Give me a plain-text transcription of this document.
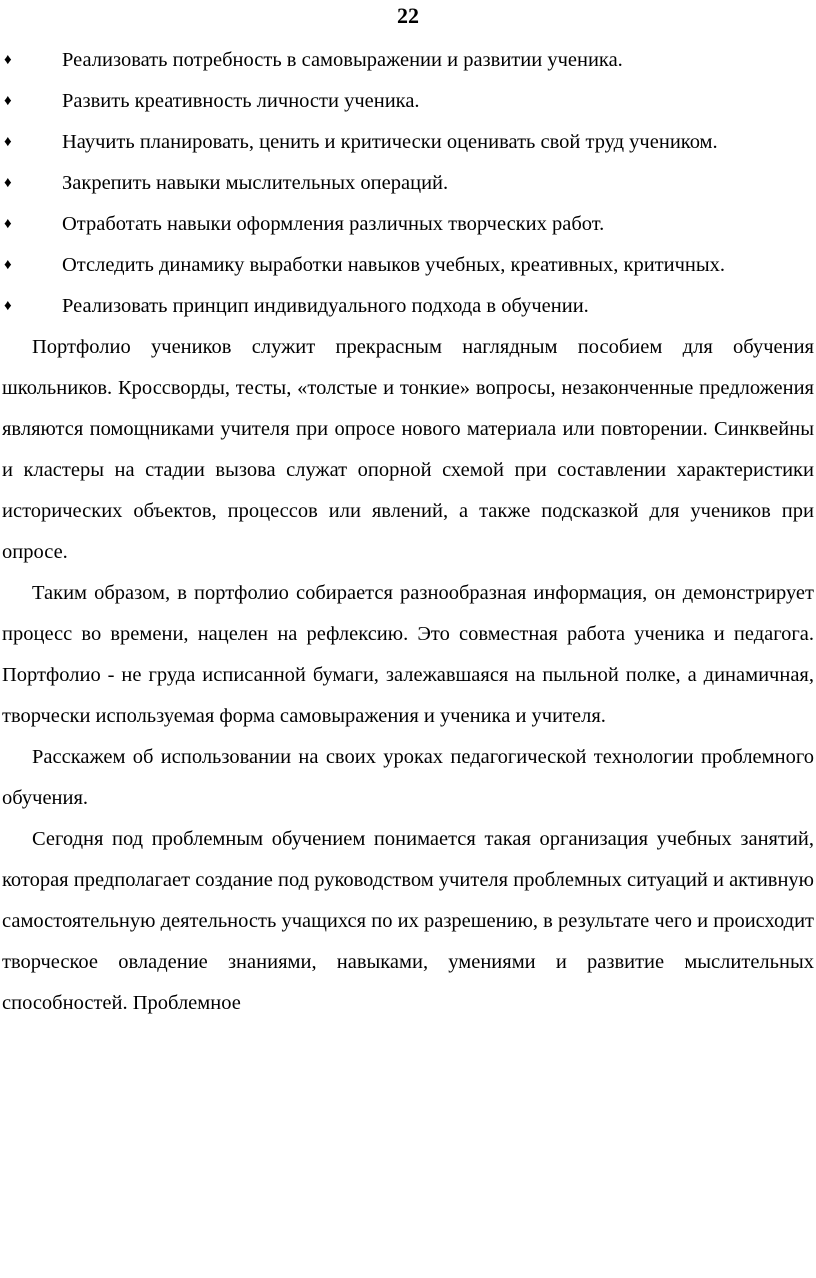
22
♦ Реализовать потребность в самовыражении и развитии ученика.
♦ Развить креативность личности ученика.
♦ Научить планировать, ценить и критически оценивать свой труд учеником.
♦ Закрепить навыки мыслительных операций.
♦ Отработать навыки оформления различных творческих работ.
♦ Отследить динамику выработки навыков учебных, креативных, критичных.
♦ Реализовать принцип индивидуального подхода в обучении.

Портфолио учеников служит прекрасным наглядным пособием для обучения школьников. Кроссворды, тесты, «толстые и тонкие» вопросы, незаконченные предложения являются помощниками учителя при опросе нового материала или повторении. Синквейны и кластеры на стадии вызова служат опорной схемой при составлении характеристики исторических объектов, процессов или явлений, а также подсказкой для учеников при опросе.

Таким образом, в портфолио собирается разнообразная информация, он демонстрирует процесс во времени, нацелен на рефлексию. Это совместная работа ученика и педагога. Портфолио - не груда исписанной бумаги, залежавшаяся на пыльной полке, а динамичная, творчески используемая форма самовыражения и ученика и учителя.

Расскажем об использовании на своих уроках педагогической технологии проблемного обучения.

Сегодня под проблемным обучением понимается такая организация учебных занятий, которая предполагает создание под руководством учителя проблемных ситуаций и активную самостоятельную деятельность учащихся по их разрешению, в результате чего и происходит творческое овладение знаниями, навыками, умениями и развитие мыслительных способностей. Проблемное
